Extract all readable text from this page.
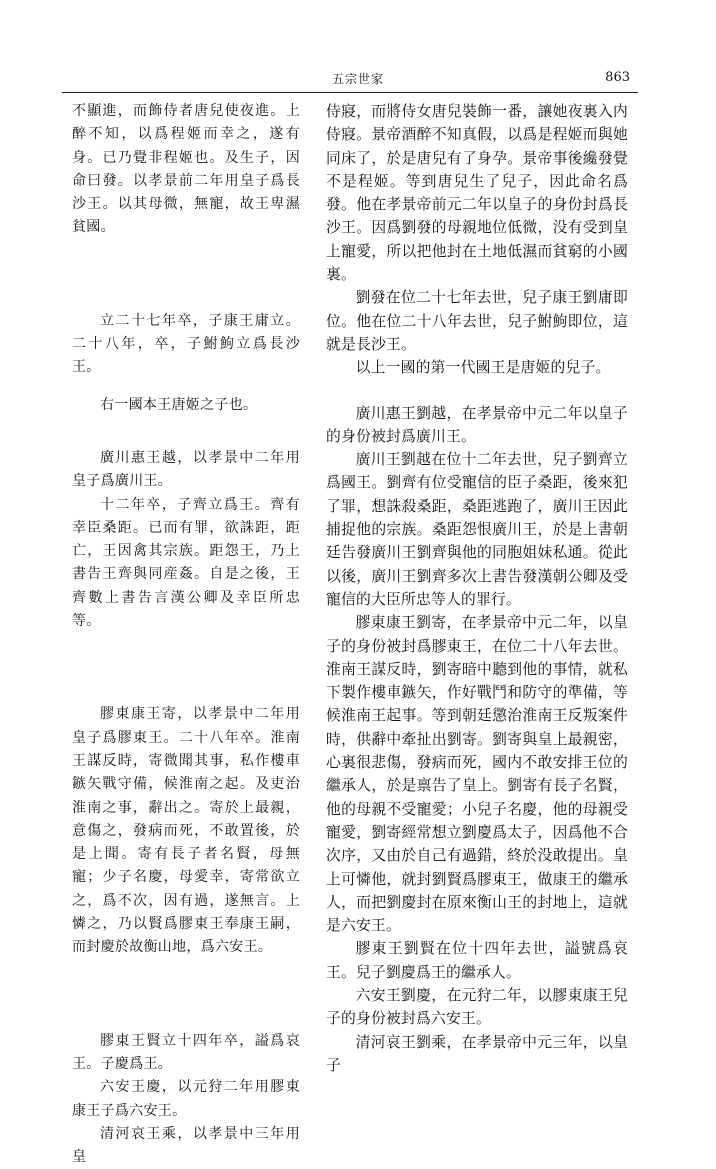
五宗世家	863

不顯進，而飾侍者唐兒使夜進。上醉不知，以爲程姬而幸之，遂有身。已乃覺非程姬也。及生子，因命曰發。以孝景前二年用皇子爲長沙王。以其母微，無寵，故王卑濕貧國。

立二十七年卒，子康王庸立。二十八年，卒，子鮒鮈立爲長沙王。

右一國本王唐姬之子也。

廣川惠王越，以孝景中二年用皇子爲廣川王。

十二年卒，子齊立爲王。齊有幸臣桑距。已而有罪，欲誅距，距亡，王因禽其宗族。距怨王，乃上書告王齊與同産姦。自是之後，王齊數上書告言漢公卿及幸臣所忠等。

膠東康王寄，以孝景中二年用皇子爲膠東王。二十八年卒。淮南王謀反時，寄微聞其事，私作樓車鏃矢戰守備，候淮南之起。及吏治淮南之事，辭出之。寄於上最親，意傷之，發病而死，不敢置後，於是上聞。寄有長子者名賢，母無寵；少子名慶，母愛幸，寄常欲立之，爲不次，因有過，遂無言。上憐之，乃以賢爲膠東王奉康王嗣，而封慶於故衡山地，爲六安王。

膠東王賢立十四年卒，謚爲哀王。子慶爲王。

六安王慶，以元狩二年用膠東康王子爲六安王。

清河哀王乘，以孝景中三年用皇

侍寢，而將侍女唐兒裝飾一番，讓她夜裏入内侍寢。景帝酒醉不知真假，以爲是程姬而與她同床了，於是唐兒有了身孕。景帝事後纔發覺不是程姬。等到唐兒生了兒子，因此命名爲發。他在孝景帝前元二年以皇子的身份封爲長沙王。因爲劉發的母親地位低微，没有受到皇上寵愛，所以把他封在土地低濕而貧窮的小國裏。

劉發在位二十七年去世，兒子康王劉庸即位。他在位二十八年去世，兒子鮒鮈即位，這就是長沙王。

以上一國的第一代國王是唐姬的兒子。

廣川惠王劉越，在孝景帝中元二年以皇子的身份被封爲廣川王。

廣川王劉越在位十二年去世，兒子劉齊立爲國王。劉齊有位受寵信的臣子桑距，後來犯了罪，想誅殺桑距，桑距逃跑了，廣川王因此捕捉他的宗族。桑距怨恨廣川王，於是上書朝廷告發廣川王劉齊與他的同胞姐妹私通。從此以後，廣川王劉齊多次上書告發漢朝公卿及受寵信的大臣所忠等人的罪行。

膠東康王劉寄，在孝景帝中元二年，以皇子的身份被封爲膠東王，在位二十八年去世。淮南王謀反時，劉寄暗中聽到他的事情，就私下製作樓車鏃矢，作好戰鬥和防守的準備，等候淮南王起事。等到朝廷懲治淮南王反叛案件時，供辭中牽扯出劉寄。劉寄與皇上最親密，心裏很悲傷，發病而死，國内不敢安排王位的繼承人，於是禀告了皇上。劉寄有長子名賢，他的母親不受寵愛；小兒子名慶，他的母親受寵愛，劉寄經常想立劉慶爲太子，因爲他不合次序，又由於自己有過錯，終於没敢提出。皇上可憐他，就封劉賢爲膠東王，做康王的繼承人，而把劉慶封在原來衡山王的封地上，這就是六安王。

膠東王劉賢在位十四年去世，謚號爲哀王。兒子劉慶爲王的繼承人。

六安王劉慶，在元狩二年，以膠東康王兒子的身份被封爲六安王。

清河哀王劉乘，在孝景帝中元三年，以皇子
